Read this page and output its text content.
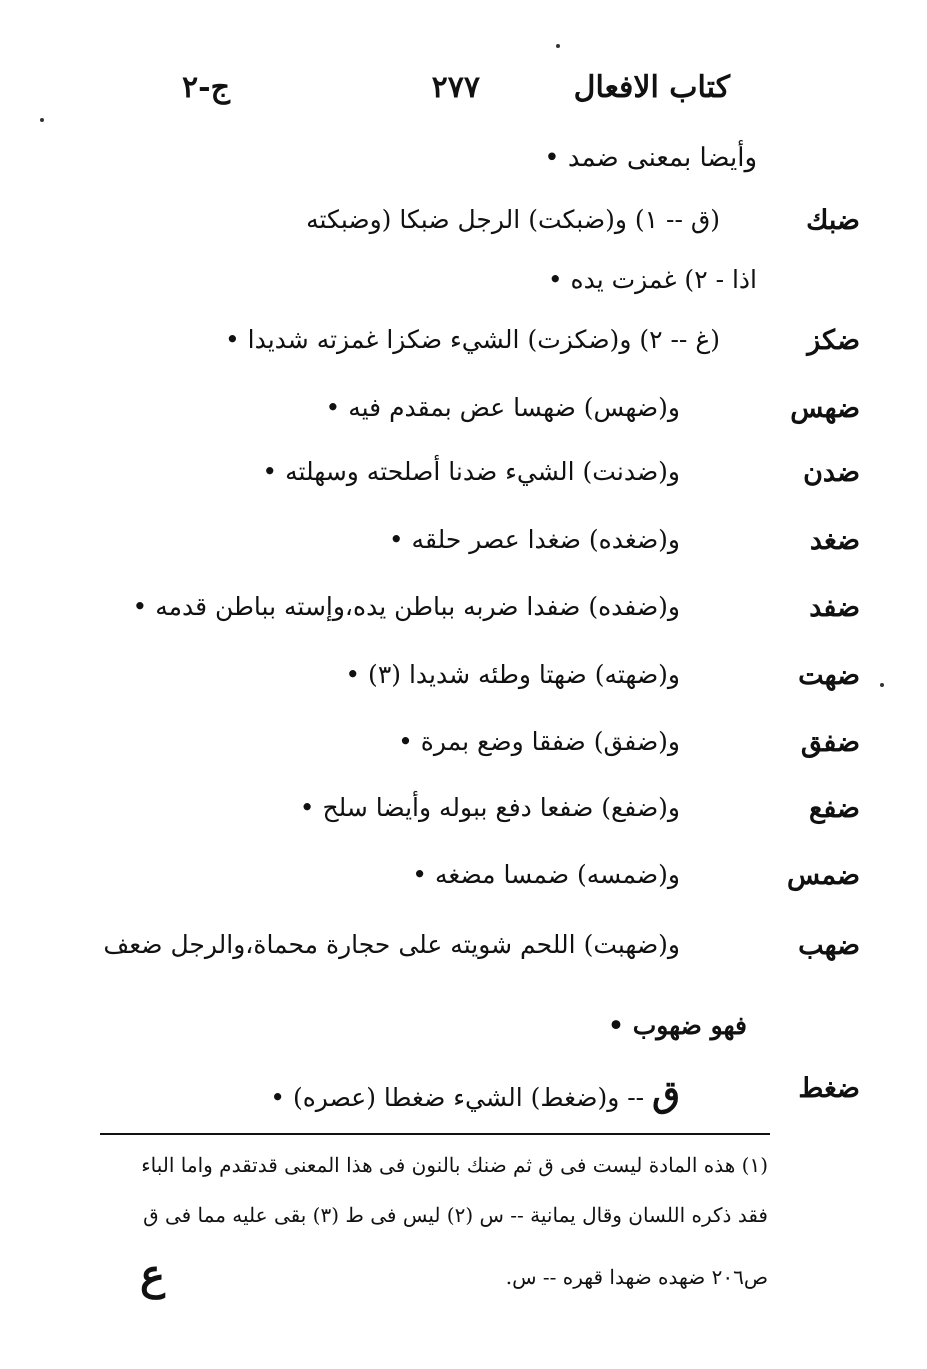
كتاب الافعال
٢٧٧
ج-٢
وأيضا بمعنى ضمد •
ضبك
(ق -- ١) و(ضبكت) الرجل ضبكا (وضبكته
اذا - ٢) غمزت يده •
ضكز
(غ -- ٢) و(ضكزت) الشيء ضكزا غمزته شديدا •
ضهس
و(ضهس) ضهسا عض بمقدم فيه •
ضدن
و(ضدنت) الشيء ضدنا أصلحته وسهلته •
ضغد
و(ضغده) ضغدا عصر حلقه •
ضفد
و(ضفده) ضفدا ضربه بباطن يده،وإسته بباطن قدمه •
ضهت
و(ضهته) ضهتا وطئه شديدا (٣) •
ضفق
و(ضفق) ضفقا وضع بمرة •
ضفع
و(ضفع) ضفعا دفع ببوله وأيضا سلح •
ضمس
و(ضمسه) ضمسا مضغه •
ضهب
و(ضهبت) اللحم شويته على حجارة محماة،والرجل ضعف
فهو ضهوب •
ضغط
ق -- و(ضغط) الشيء ضغطا (عصره) •
(١) هذه المادة ليست فى ق ثم ضنك بالنون فى هذا المعنى قدتقدم واما الباء
فقد ذكره اللسان وقال يمانية -- س (٢) ليس فى ط (٣) بقى عليه مما فى ق
ص٢٠٦ ضهده ضهدا قهره -- س.
ع
